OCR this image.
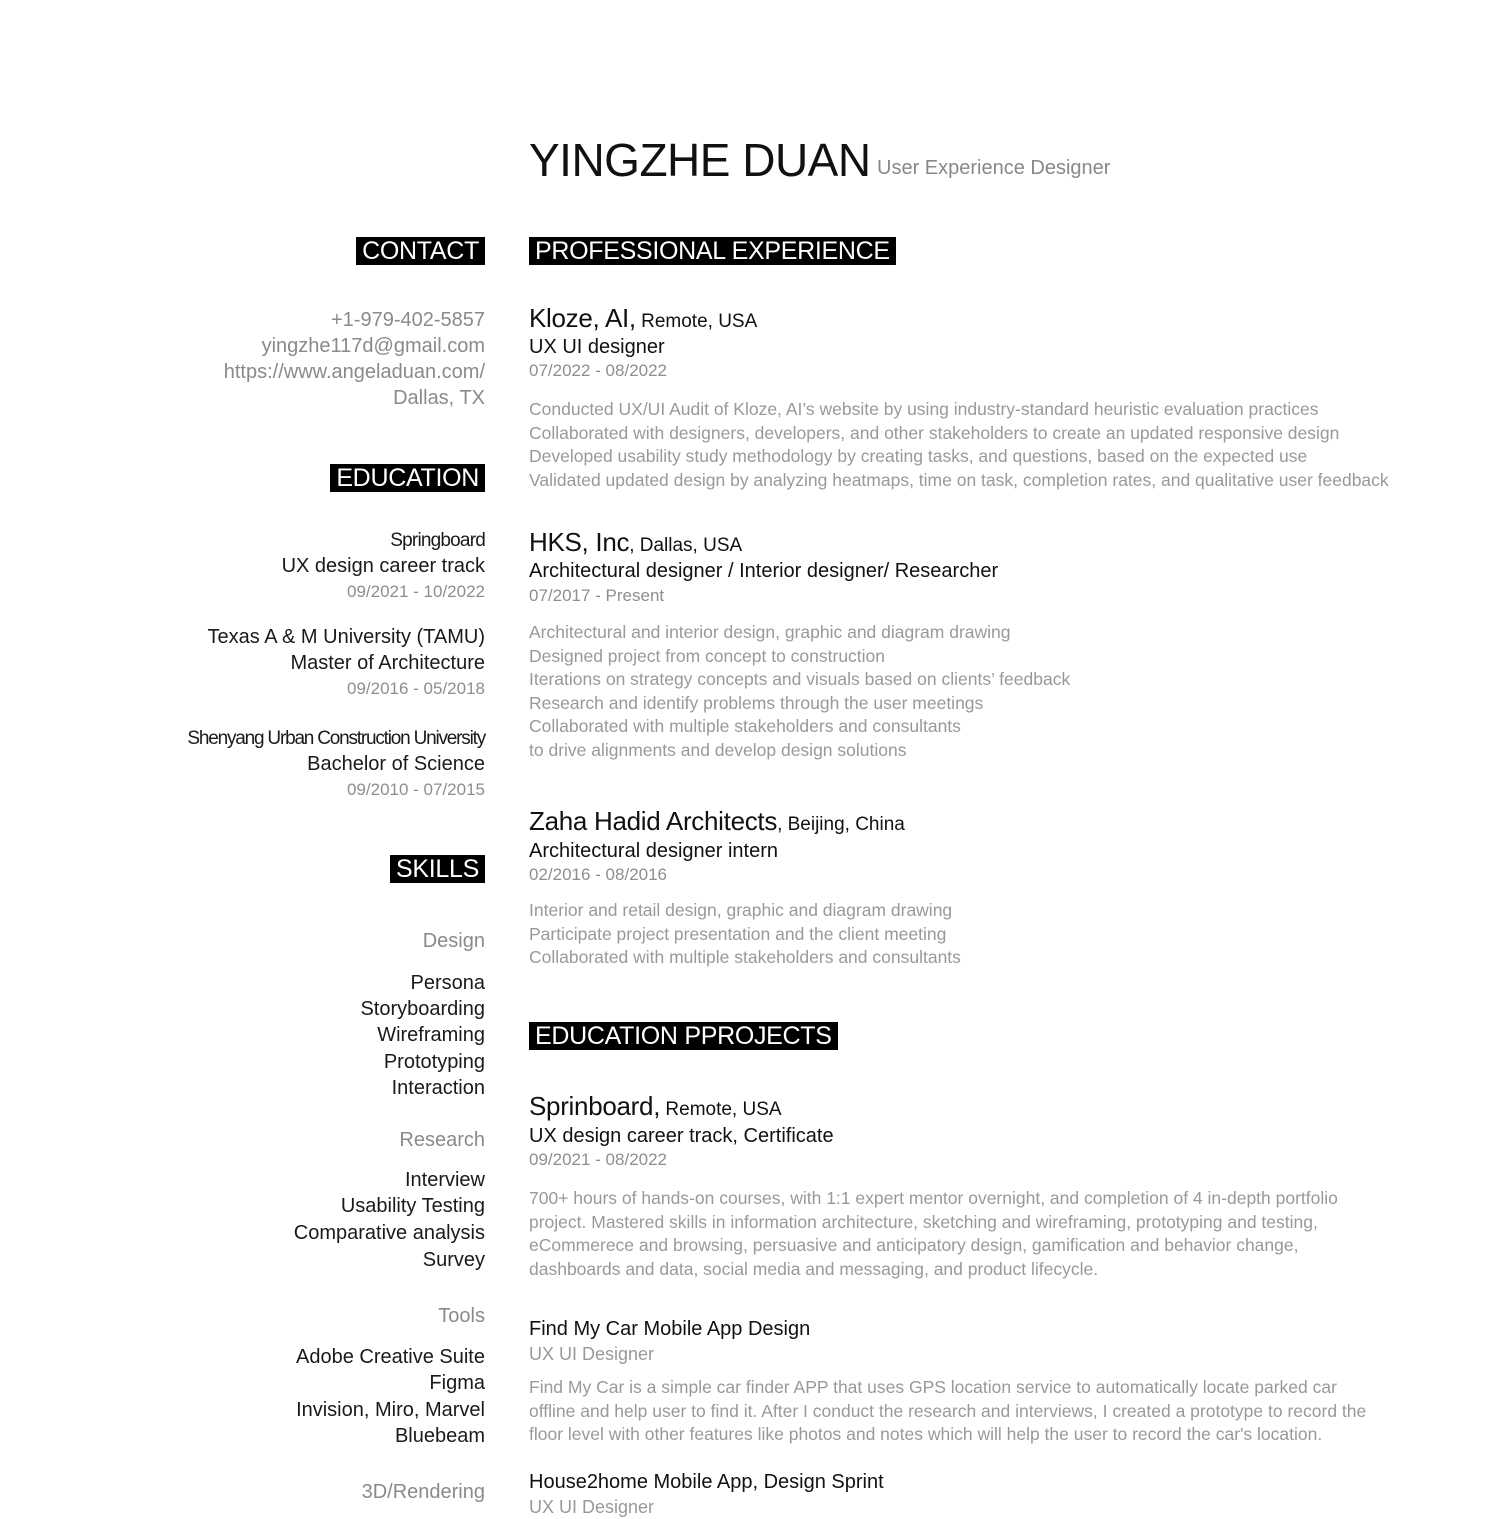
YINGZHE DUAN User Experience Designer
CONTACT
+1-979-402-5857
yingzhe117d@gmail.com
https://www.angeladuan.com/
Dallas, TX
EDUCATION
Springboard
UX design career track
09/2021 - 10/2022
Texas A & M University (TAMU)
Master of Architecture
09/2016 - 05/2018
Shenyang Urban Construction University
Bachelor of Science
09/2010 - 07/2015
SKILLS
Design
Persona
Storyboarding
Wireframing
Prototyping
Interaction
Research
Interview
Usability Testing
Comparative analysis
Survey
Tools
Adobe Creative Suite
Figma
Invision, Miro, Marvel
Bluebeam
3D/Rendering
PROFESSIONAL EXPERIENCE
Kloze, AI, Remote, USA
UX UI designer
07/2022 - 08/2022
Conducted UX/UI Audit of Kloze, AI’s website by using industry-standard heuristic evaluation practices
Collaborated with designers, developers, and other stakeholders to create an updated responsive design
Developed usability study methodology by creating tasks, and questions, based on the expected use
Validated updated design by analyzing heatmaps, time on task, completion rates, and qualitative user feedback
HKS, Inc, Dallas, USA
Architectural designer / Interior designer/ Researcher
07/2017 - Present
Architectural and interior design, graphic and diagram drawing
Designed project from concept to construction
Iterations on strategy concepts and visuals based on clients’ feedback
Research and identify problems through the user meetings
Collaborated with multiple stakeholders and consultants
to drive alignments and develop design solutions
Zaha Hadid Architects, Beijing, China
Architectural designer intern
02/2016 - 08/2016
Interior and retail design, graphic and diagram drawing
Participate project presentation and the client meeting
Collaborated with multiple stakeholders and consultants
EDUCATION PPROJECTS
Sprinboard, Remote, USA
UX design career track, Certificate
09/2021 - 08/2022
700+ hours of hands-on courses, with 1:1 expert mentor overnight, and completion of 4 in-depth portfolio
project. Mastered skills in information architecture, sketching and wireframing, prototyping and testing,
eCommerece and browsing, persuasive and anticipatory design, gamification and behavior change,
dashboards and data, social media and messaging, and product lifecycle.
Find My Car Mobile App Design
UX UI Designer
Find My Car is a simple car finder APP that uses GPS location service to automatically locate parked car
offline and help user to find it. After I conduct the research and interviews, I created a prototype to record the
floor level with other features like photos and notes which will help the user to record the car's location.
House2home Mobile App, Design Sprint
UX UI Designer
